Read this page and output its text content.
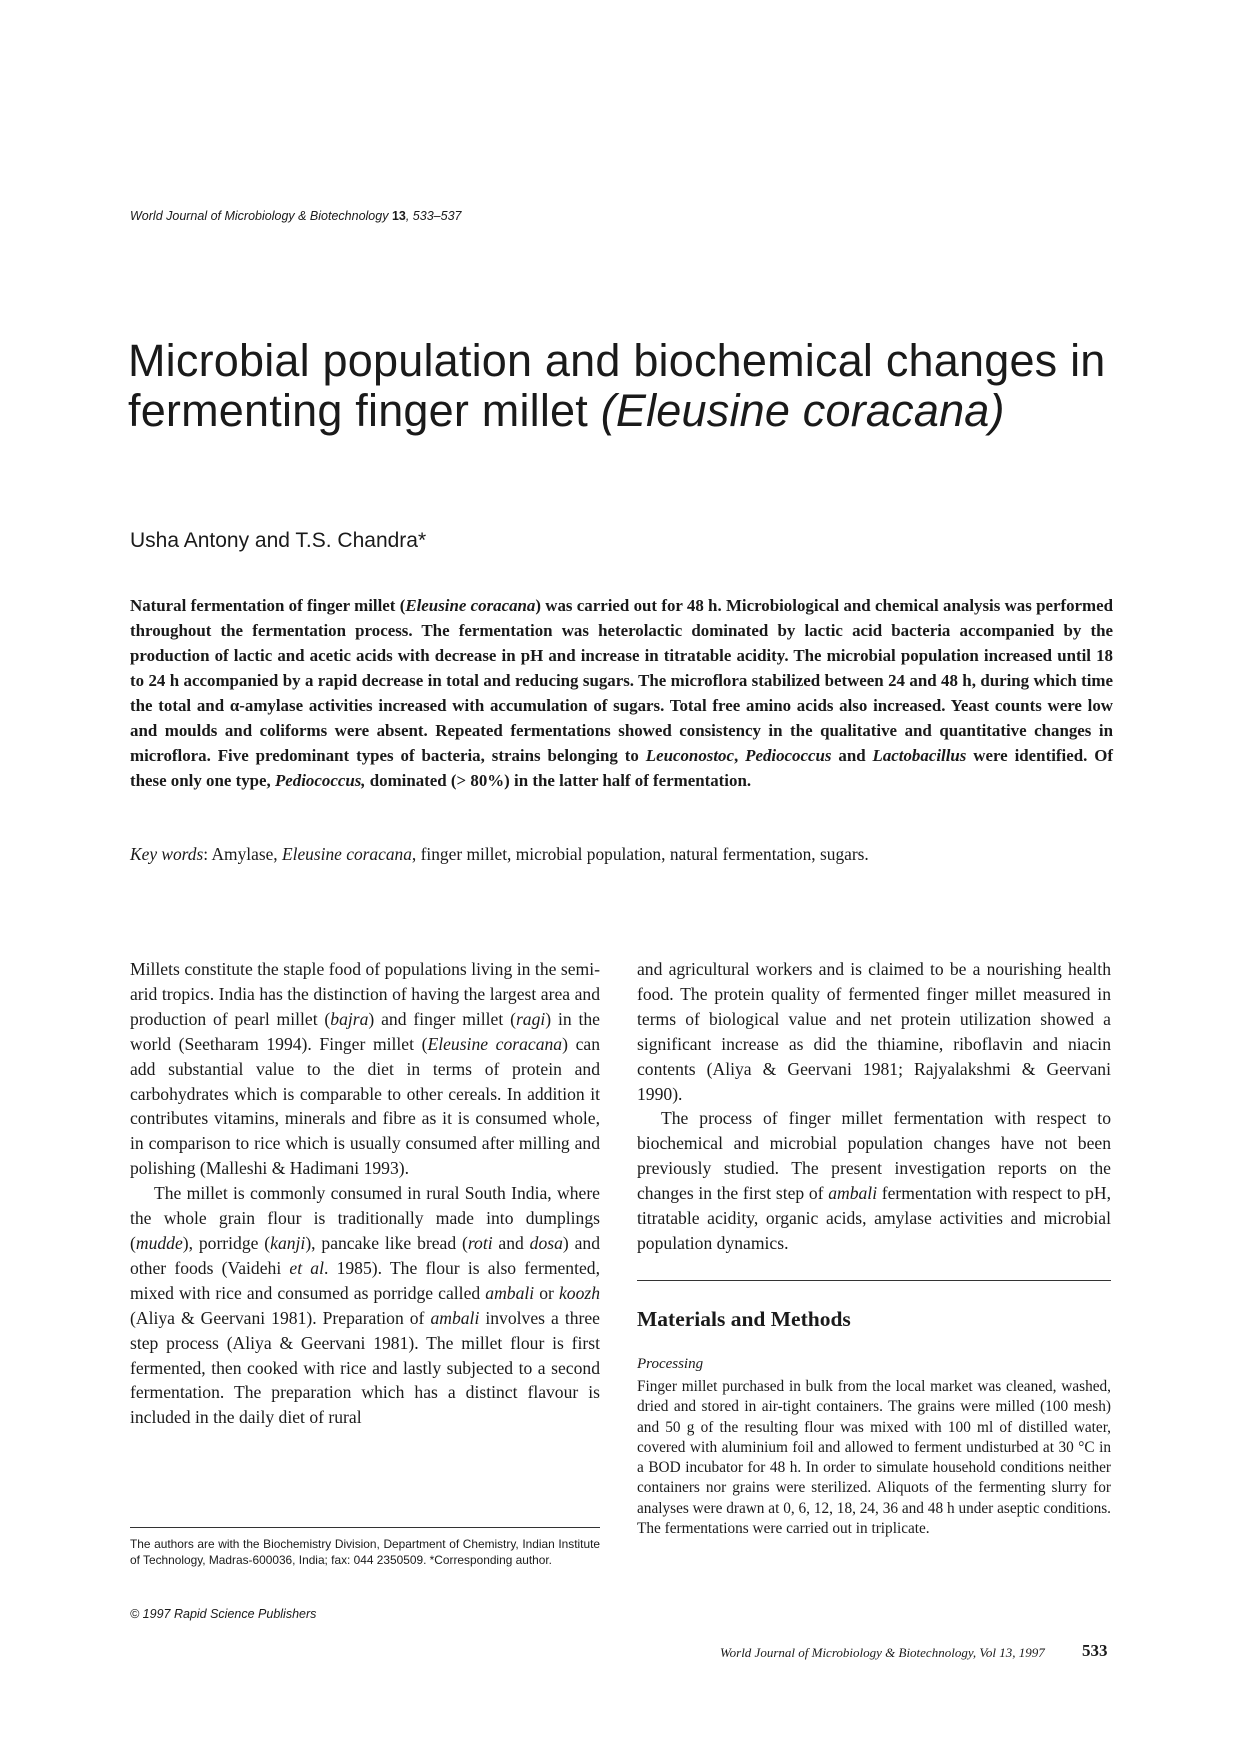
World Journal of Microbiology & Biotechnology 13, 533–537
Microbial population and biochemical changes in fermenting finger millet (Eleusine coracana)
Usha Antony and T.S. Chandra*

Natural fermentation of finger millet (Eleusine coracana) was carried out for 48 h. Microbiological and chemical analysis was performed throughout the fermentation process. The fermentation was heterolactic dominated by lactic acid bacteria accompanied by the production of lactic and acetic acids with decrease in pH and increase in titratable acidity. The microbial population increased until 18 to 24 h accompanied by a rapid decrease in total and reducing sugars. The microflora stabilized between 24 and 48 h, during which time the total and α-amylase activities increased with accumulation of sugars. Total free amino acids also increased. Yeast counts were low and moulds and coliforms were absent. Repeated fermentations showed consistency in the qualitative and quantitative changes in microflora. Five predominant types of bacteria, strains belonging to Leuconostoc, Pediococcus and Lactobacillus were identified. Of these only one type, Pediococcus, dominated (> 80%) in the latter half of fermentation.

Key words: Amylase, Eleusine coracana, finger millet, microbial population, natural fermentation, sugars.

Millets constitute the staple food of populations living in the semi-arid tropics. India has the distinction of having the largest area and production of pearl millet (bajra) and finger millet (ragi) in the world (Seetharam 1994). Finger millet (Eleusine coracana) can add substantial value to the diet in terms of protein and carbohydrates which is comparable to other cereals. In addition it contributes vitamins, minerals and fibre as it is consumed whole, in comparison to rice which is usually consumed after milling and polishing (Malleshi & Hadimani 1993).

The millet is commonly consumed in rural South India, where the whole grain flour is traditionally made into dumplings (mudde), porridge (kanji), pancake like bread (roti and dosa) and other foods (Vaidehi et al. 1985). The flour is also fermented, mixed with rice and consumed as porridge called ambali or koozh (Aliya & Geervani 1981). Preparation of ambali involves a three step process (Aliya & Geervani 1981). The millet flour is first fermented, then cooked with rice and lastly subjected to a second fermentation. The preparation which has a distinct flavour is included in the daily diet of rural

and agricultural workers and is claimed to be a nourishing health food. The protein quality of fermented finger millet measured in terms of biological value and net protein utilization showed a significant increase as did the thiamine, riboflavin and niacin contents (Aliya & Geervani 1981; Rajyalakshmi & Geervani 1990).

The process of finger millet fermentation with respect to biochemical and microbial population changes have not been previously studied. The present investigation reports on the changes in the first step of ambali fermentation with respect to pH, titratable acidity, organic acids, amylase activities and microbial population dynamics.

Materials and Methods
Processing

Finger millet purchased in bulk from the local market was cleaned, washed, dried and stored in air-tight containers. The grains were milled (100 mesh) and 50 g of the resulting flour was mixed with 100 ml of distilled water, covered with aluminium foil and allowed to ferment undisturbed at 30 °C in a BOD incubator for 48 h. In order to simulate household conditions neither containers nor grains were sterilized. Aliquots of the fermenting slurry for analyses were drawn at 0, 6, 12, 18, 24, 36 and 48 h under aseptic conditions. The fermentations were carried out in triplicate.

The authors are with the Biochemistry Division, Department of Chemistry, Indian Institute of Technology, Madras-600036, India; fax: 044 2350509. *Corresponding author.

© 1997 Rapid Science Publishers
World Journal of Microbiology & Biotechnology, Vol 13, 1997 533
